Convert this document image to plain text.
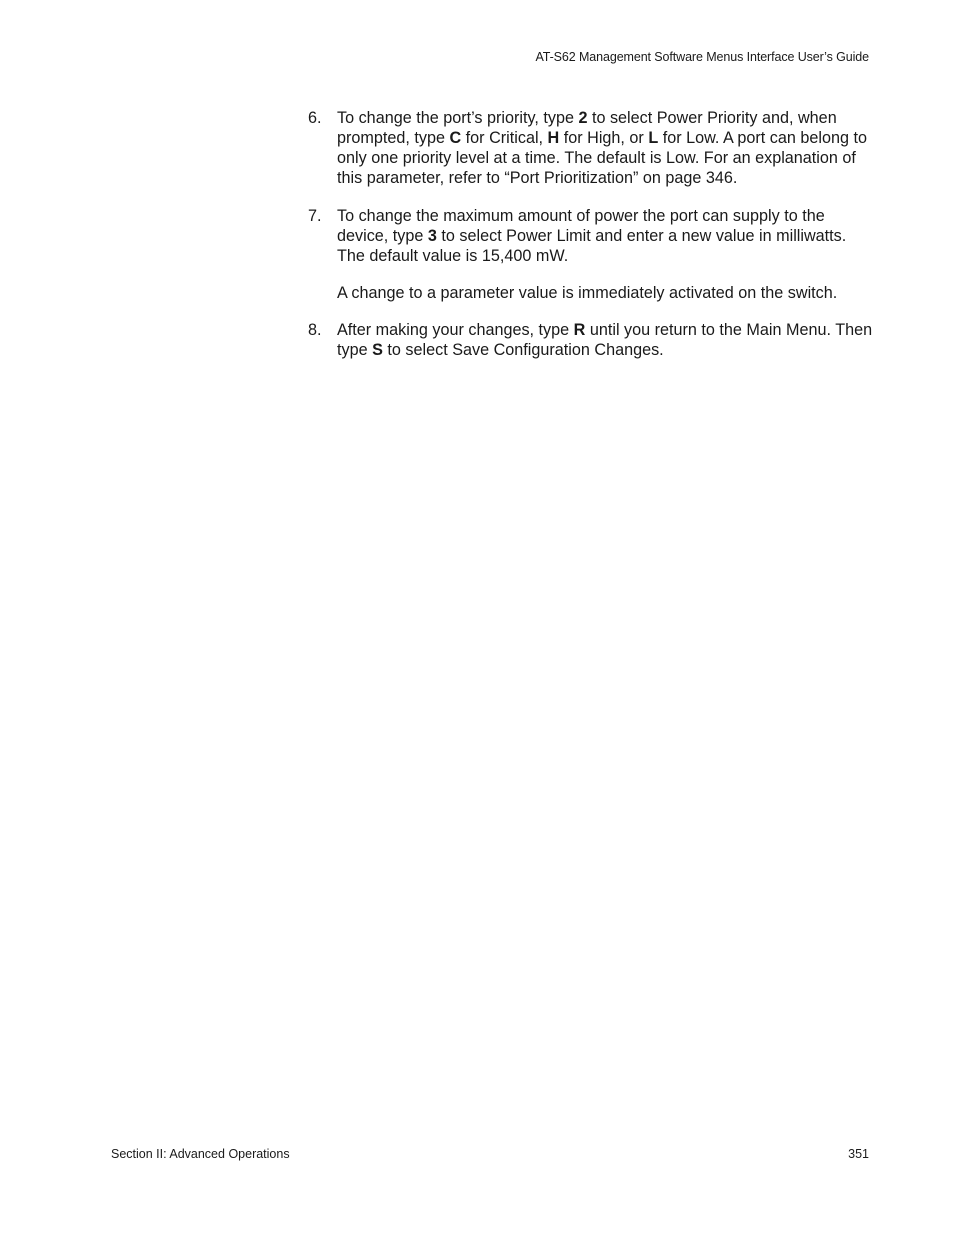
AT-S62 Management Software Menus Interface User’s Guide
6. To change the port’s priority, type 2 to select Power Priority and, when prompted, type C for Critical, H for High, or L for Low. A port can belong to only one priority level at a time. The default is Low. For an explanation of this parameter, refer to “Port Prioritization” on page 346.
7. To change the maximum amount of power the port can supply to the device, type 3 to select Power Limit and enter a new value in milliwatts. The default value is 15,400 mW.
A change to a parameter value is immediately activated on the switch.
8. After making your changes, type R until you return to the Main Menu. Then type S to select Save Configuration Changes.
Section II: Advanced Operations	351
